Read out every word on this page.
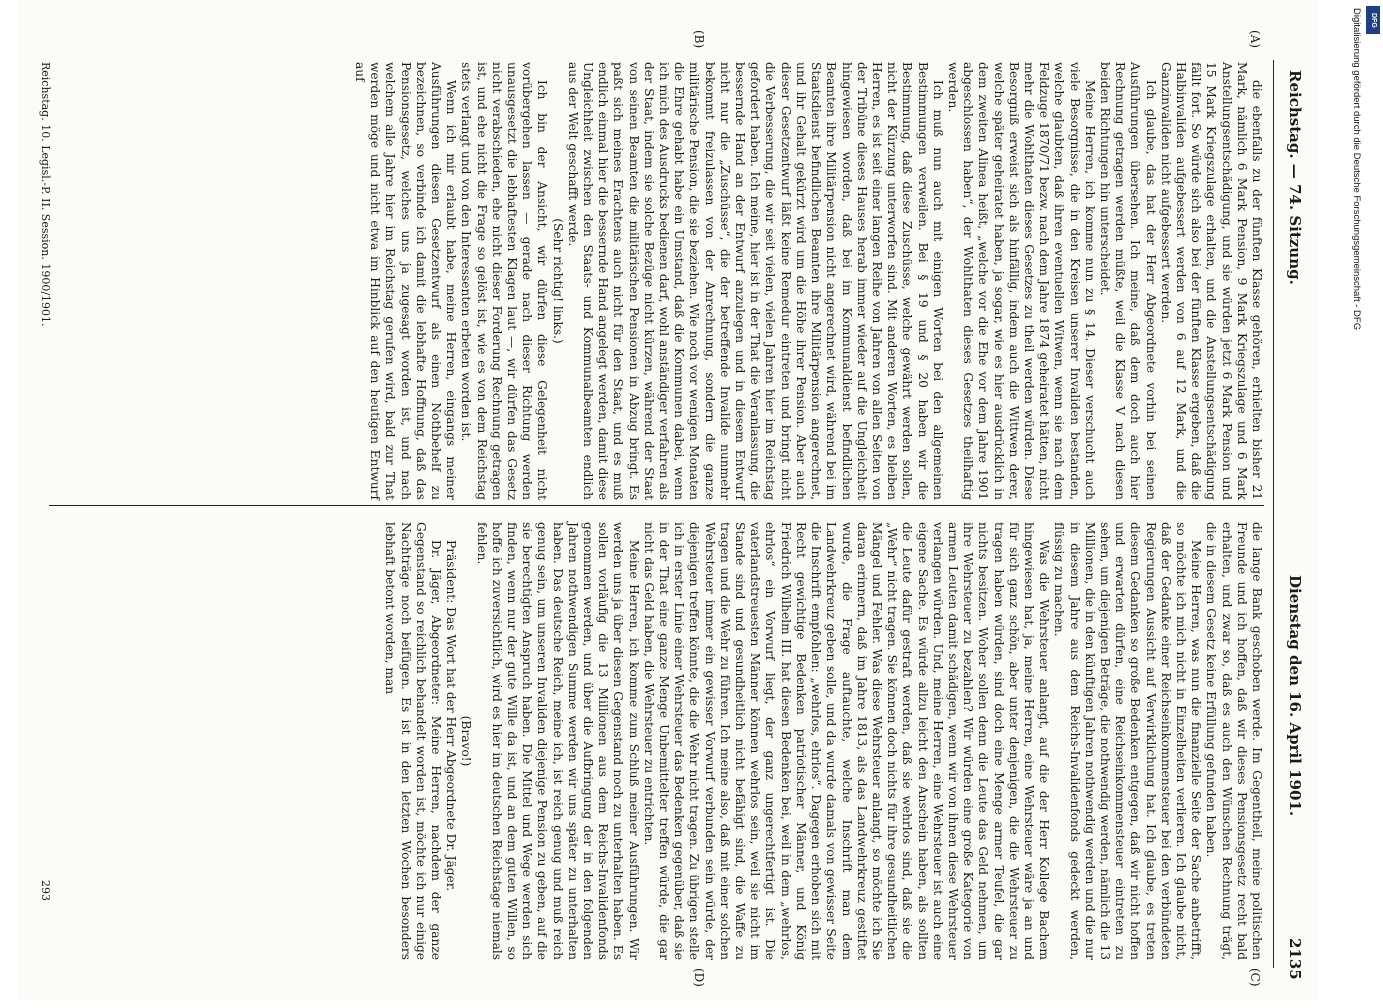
Reichstag. — 74. Sitzung.
Dienstag den 16. April 1901.
2135
(A)
(B)
(C)
(D)

die ebenfalls zu der fünften Klasse gehören, erhielten bisher 21 Mark, nämlich 6 Mark Pension, 9 Mark Kriegszulage und 6 Mark Anstellungsentschädigung, und sie würden jetzt 6 Mark Pension und 15 Mark Kriegszulage erhalten, und die Anstellungsentschädigung fällt fort. So würde sich also bei der fünften Klasse ergeben, daß die Halbinvaliden aufgebessert werden von 6 auf 12 Mark, und die Ganzinvaliden nicht aufgebessert werden.

Ich glaube, das hat der Herr Abgeordnete vorhin bei seinen Ausführungen übersehen. Ich meine, daß dem doch auch hier Rechnung getragen werden müßte, weil die Klasse V nach diesen beiden Richtungen hin unterscheidet.

Meine Herren, ich komme nun zu § 14. Dieser verschucht auch viele Besorgnisse, die in den Kreisen unserer Invaliden bestanden, welche glaubten, daß ihren eventuellen Witwen, wenn sie nach dem Feldzuge 1870/71 bezw. nach dem Jahre 1874 geheiratet hätten, nicht mehr die Wohlthaten dieses Gesetzes zu theil werden würden. Diese Besorgniß erweist sich als hinfällig, indem auch die Wittwen derer, welche später geheiratet haben, ja sogar, wie es hier ausdrücklich in dem zweiten Alinea heißt, „welche vor die Ehe vor dem Jahre 1901 abgeschlossen haben“, der Wohlthaten dieses Gesetzes theilhaftig werden.

Ich muß nun auch mit einigen Worten bei den allgemeinen Bestimmungen verweilen. Bei § 19 und § 20 haben wir die Bestimmung, daß diese Zuschüsse, welche gewährt werden sollen, nicht der Kürzung unterworfen sind. Mit anderen Worten, es bleiben Herren, es ist seit einer langen Reihe von Jahren von allen Seiten von der Tribüne dieses Hauses herab immer wieder auf die Ungleichheit hingewiesen worden, daß bei im Kommunaldienst befindlichen Beamten ihre Militärpension nicht angerechnet wird, während bei im Staatsdienst befindlichen Beamten ihre Militärpension angerechnet, und ihr Gehalt gekürzt wird um die Höhe ihrer Pension. Aber auch dieser Gesetzentwurf läßt keine Remedur eintreten und bringt nicht die Verbesserung, die wir seit vielen, vielen Jahren hier im Reichstag gefordert haben. Ich meine, hier ist in der That die Veranlassung, die bessernde Hand an der Entwurf anzulegen und in diesem Entwurf nicht nur die „Zuschüsse“, die der betreffende Invalide nunmehr bekommt freizulassen von der Anrechnung, sondern die ganze militärische Pension, die sie beziehen. Wie noch vor wenigen Monaten die Ehre gehabt habe ein Umstand, daß die Kommunen dabei, wenn ich mich des Ausdrucks bedienen darf, wohl anständiger verfahren als der Staat, indem sie solche Bezüge nicht kürzen, während der Staat von seinen Beamten die militärischen Pensionen in Abzug bringt. Es paßt sich meines Erachtens auch nicht für den Staat, und es muß endlich einmal hier die bessernde Hand angelegt werden, damit diese Ungleichheit zwischen den Staats- und Kommunalbeamten endlich aus der Welt geschafft werde.

(Sehr richtig! links.)

Ich bin der Ansicht, wir dürfen diese Gelegenheit nicht vorübergehen lassen — gerade nach dieser Richtung werden unausgesetzt die lebhaftesten Klagen laut —, wir dürfen das Gesetz nicht verabschieden, ehe nicht dieser Forderung Rechnung getragen ist, und ehe nicht die Frage so gelöst ist, wie es von dem Reichstag stets verlangt und von den Interessenten erbeten worden ist.

Wenn ich mir erlaubt habe, meine Herren, eingangs meiner Ausführungen diesen Gesetzentwurf als einen Nothbehelf zu bezeichnen, so verbinde ich damit die lebhafte Hoffnung, daß das Pensionsgesetz, welches uns ja zugesagt worden ist, und nach welchem alle Jahre hier im Reichstag gerufen wird, bald zur That werden möge und nicht etwa im Hinblick auf den heutigen Entwurf auf

die lange Bank geschoben werde. Im Gegentheil, meine politischen Freunde und ich hoffen, daß wir dieses Pensionsgesetz recht bald erhalten, und zwar so, daß es auch den Wünschen Rechnung trägt, die in diesem Gesetz keine Erfüllung gefunden haben.

Meine Herren, was nun die finanzielle Seite der Sache anbetrifft, so möchte ich mich nicht in Einzelheiten verlieren. Ich glaube nicht, daß der Gedanke einer Reichseinkommensteuer bei den verbündeten Regierungen Aussicht auf Verwirklichung hat. Ich glaube, es treten diesem Gedanken so große Bedenken entgegen, daß wir nicht hoffen und erwarten dürfen, eine Reichseinkommensteuer eintreten zu sehen, um diejenigen Beträge, die nothwendig werden, nämlich die 13 Millionen, die in den künftigen Jahren nothwendig werden und die nur in diesem Jahre aus dem Reichs-Invalidenfonds gedeckt werden, flüssig zu machen.

Was die Wehrsteuer anlangt, auf die der Herr Kollege Bachem hingewiesen hat, ja, meine Herren, eine Wehrsteuer wäre ja an und für sich ganz schön, aber unter denjenigen, die die Wehrsteuer zu tragen haben würden, sind doch eine Menge armer Teufel, die gar nichts besitzen. Woher sollen denn die Leute das Geld nehmen, um ihre Wehrsteuer zu bezahlen? Wir würden eine große Kategorie von armen Leuten damit schädigen, wenn wir von ihnen diese Wehrsteuer verlangen würden. Und, meine Herren, eine Wehrsteuer ist auch eine eigene Sache. Es würde allzu leicht den Anschein haben, als sollten die Leute dafür gestraft werden, daß sie wehrlos sind, daß sie die „Wehr“ nicht tragen. Sie können doch nichts für ihre gesundheitlichen Mängel und Fehler. Was diese Wehrsteuer anlangt, so möchte ich Sie daran erinnern, daß im Jahre 1813, als das Landwehrkreuz gestiftet wurde, die Frage auftauchte, welche Inschrift man dem Landwehrkreuz geben solle, und da wurde damals von gewisser Seite die Inschrift empfohlen: „wehrlos, ehrlos“. Dagegen erhoben sich mit Recht gewichtige Bedenken patriotischer Männer, und König Friedrich Wilhelm III. hat diesen Bedenken bei, weil in dem „wehrlos, ehrlos“ ein Vorwurf liegt, der ganz ungerechtfertigt ist. Die vaterlandstreuesten Männer können wehrlos sein, weil sie nicht im Stande sind und gesundheitlich nicht befähigt sind, die Waffe zu tragen und die Wehr zu führen. Ich meine also, daß mit einer solchen Wehrsteuer immer ein gewisser Vorwurf verbunden sein würde, der diejenigen treffen könnte, die die Wehr nicht tragen. Zu übrigen stelle ich in erster Linie einer Wehrsteuer das Bedenken gegenüber, daß sie in der That eine ganze Menge Unbemittelter treffen würde, die gar nicht das Geld haben, die Wehrsteuer zu entrichten.

Meine Herren, ich komme zum Schluß meiner Ausführungen. Wir werden uns ja über diesen Gegenstand noch zu unterhalten haben. Es sollen vorläufig die 13 Millionen aus dem Reichs-Invalidenfonds genommen werden, und über die Aufbringung der in den folgenden Jahren nothwendigen Summe werden wir uns später zu unterhalten haben. Das deutsche Reich, meine ich, ist reich genug und muß reich genug sein, um unseren Invaliden diejenige Pension zu geben, auf die sie berechtigten Anspruch haben. Die Mittel und Wege werden sich finden, wenn nur der gute Wille da ist, und an dem guten Willen, so hoffe ich zuversichtlich, wird es hier im deutschen Reichstage niemals fehlen.

(Bravo!)

Präsident: Das Wort hat der Herr Abgeordnete Dr. Jäger.

Dr. Jäger, Abgeordneter: Meine Herren, nachdem der ganze Gegenstand so reichlich behandelt worden ist, möchte ich nur einige Nachträge noch beifügen. Es ist in den letzten Wochen besonders lebhaft betont worden, man

Reichstag. 10. Legisl.-P. II. Session. 1900/1901.
293
Digitalisierung gefördert durch die Deutsche Forschungsgemeinschaft - DFG	DFG
